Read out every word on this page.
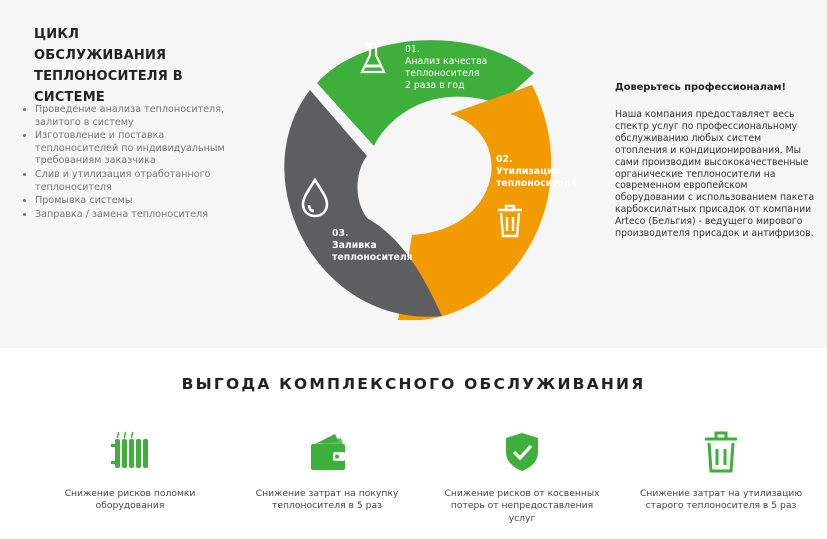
ЦИКЛ ОБСЛУЖИВАНИЯ ТЕПЛОНОСИТЕЛЯ В СИСТЕМЕ
• Проведение анализа теплоносителя, залитого в систему
• Изготовление и поставка теплоносителей по индивидуальным требованиям заказчика
• Слив и утилизация отработанного теплоносителя
• Промывка системы
• Заправка / замена теплоносителя
01.
Анализ качества теплоносителя
2 раза в год
02.
Утилизация теплоносителя
03.
Заливка теплоносителя
Доверьтесь профессионалам!
Наша компания предоставляет весь спектр услуг по профессиональному обслуживанию любых систем отопления и кондиционирования. Мы сами производим высококачественные органические теплоносители на современном европейском оборудовании с использованием пакета карбоксилатных присадок от компании Arteco (Бельгия) - ведущего мирового производителя присадок и антифризов.
ВЫГОДА КОМПЛЕКСНОГО ОБСЛУЖИВАНИЯ
Снижение рисков поломки оборудования
Снижение затрат на покупку теплоносителя в 5 раз
Снижение рисков от косвенных потерь от непредоставления услуг
Снижение затрат на утилизацию старого теплоносителя в 5 раз
